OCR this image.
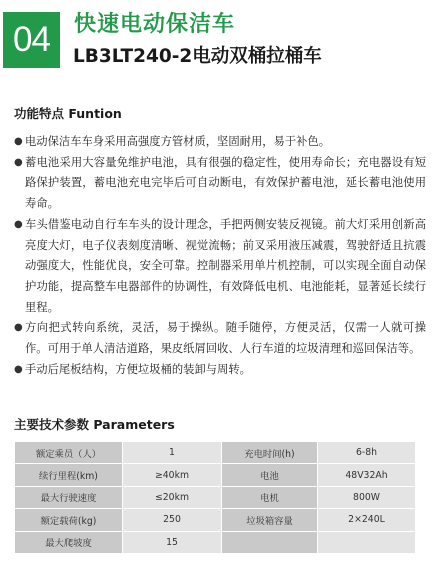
04	快速电动保洁车
LB3LT240-2电动双桶拉桶车
功能特点 Funtion
● 电动保洁车车身采用高强度方管材质，坚固耐用，易于补色。
● 蓄电池采用大容量免维护电池，具有很强的稳定性，使用寿命长；充电器设有短路保护装置，蓄电池充电完毕后可自动断电，有效保护蓄电池，延长蓄电池使用寿命。
● 车头借鉴电动自行车车头的设计理念，手把两侧安装反视镜。前大灯采用创新高亮度大灯，电子仪表刻度清晰、视觉流畅；前叉采用液压减震，驾驶舒适且抗震动强度大，性能优良，安全可靠。控制器采用单片机控制，可以实现全面自动保护功能，提高整车电器部件的协调性，有效降低电机、电池能耗，显著延长续行里程。
● 方向把式转向系统，灵活，易于操纵。随手随停，方便灵活，仅需一人就可操作。可用于单人清洁道路，果皮纸屑回收、人行车道的垃圾清理和巡回保洁等。
● 手动后尾板结构，方便垃圾桶的装卸与周转。
主要技术参数 Parameters
额定乘员（人）	1	充电时间(h)	6-8h
续行里程(km)	≥40km	电池	48V32Ah
最大行驶速度	≤20km	电机	800W
额定载荷(kg)	250	垃圾箱容量	2×240L
最大爬坡度	15		
